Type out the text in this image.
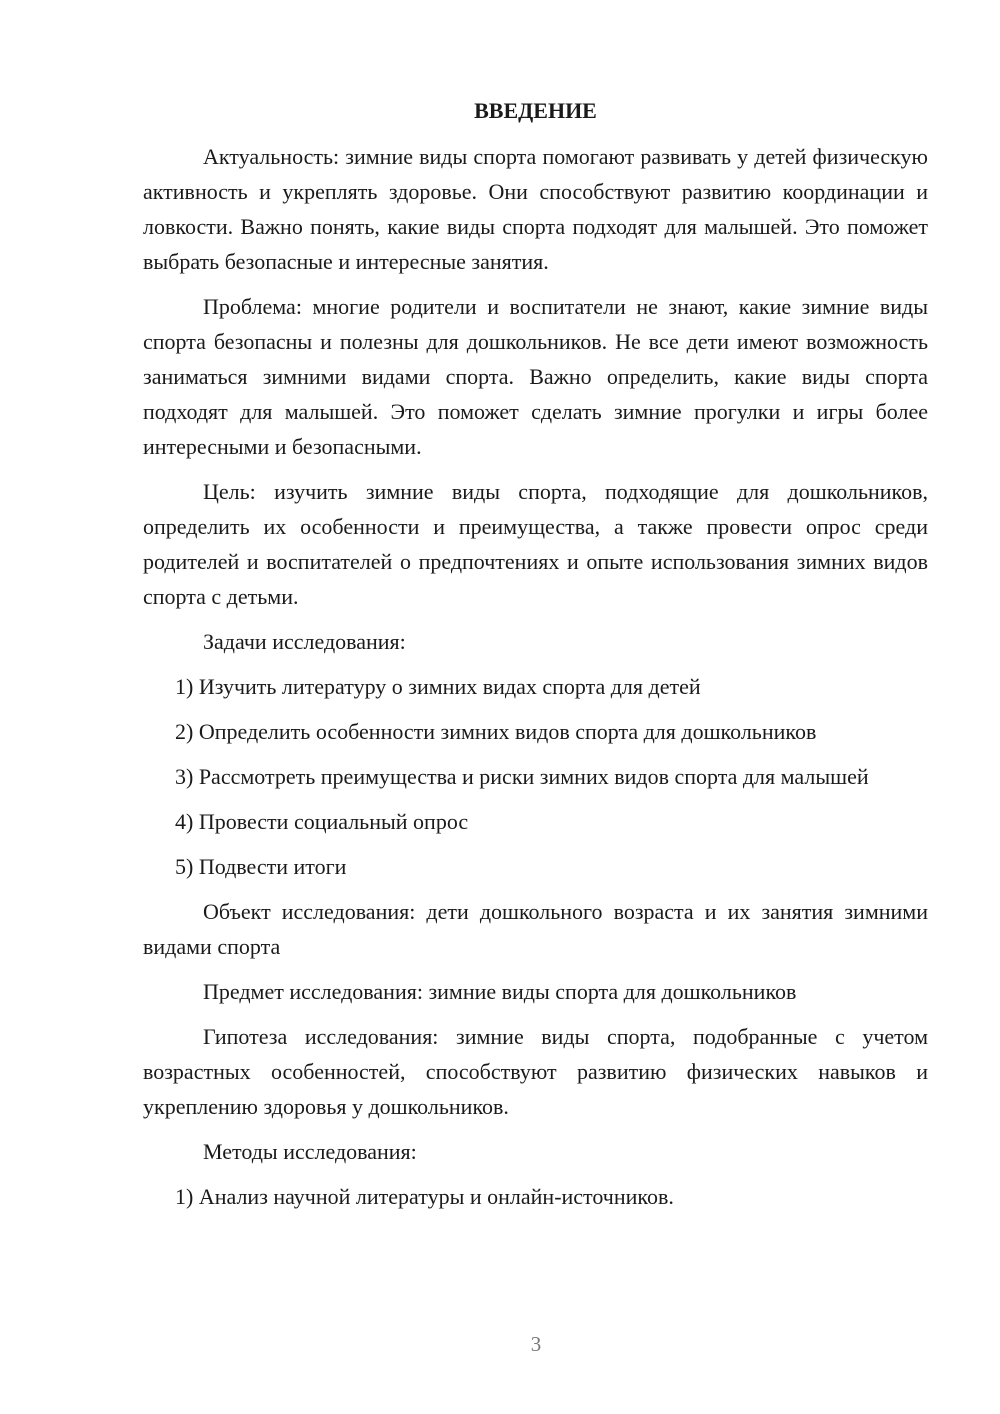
ВВЕДЕНИЕ

Актуальность: зимние виды спорта помогают развивать у детей физическую активность и укреплять здоровье. Они способствуют развитию координации и ловкости. Важно понять, какие виды спорта подходят для малышей. Это поможет выбрать безопасные и интересные занятия.

Проблема: многие родители и воспитатели не знают, какие зимние виды спорта безопасны и полезны для дошкольников. Не все дети имеют возможность заниматься зимними видами спорта. Важно определить, какие виды спорта подходят для малышей. Это поможет сделать зимние прогулки и игры более интересными и безопасными.

Цель: изучить зимние виды спорта, подходящие для дошкольников, определить их особенности и преимущества, а также провести опрос среди родителей и воспитателей о предпочтениях и опыте использования зимних видов спорта с детьми.

Задачи исследования:

1) Изучить литературу о зимних видах спорта для детей

2) Определить особенности зимних видов спорта для дошкольников

3) Рассмотреть преимущества и риски зимних видов спорта для малышей

4) Провести социальный опрос

5) Подвести итоги

Объект исследования: дети дошкольного возраста и их занятия зимними видами спорта

Предмет исследования: зимние виды спорта для дошкольников

Гипотеза исследования: зимние виды спорта, подобранные с учетом возрастных особенностей, способствуют развитию физических навыков и укреплению здоровья у дошкольников.

Методы исследования:

1) Анализ научной литературы и онлайн-источников.

3
